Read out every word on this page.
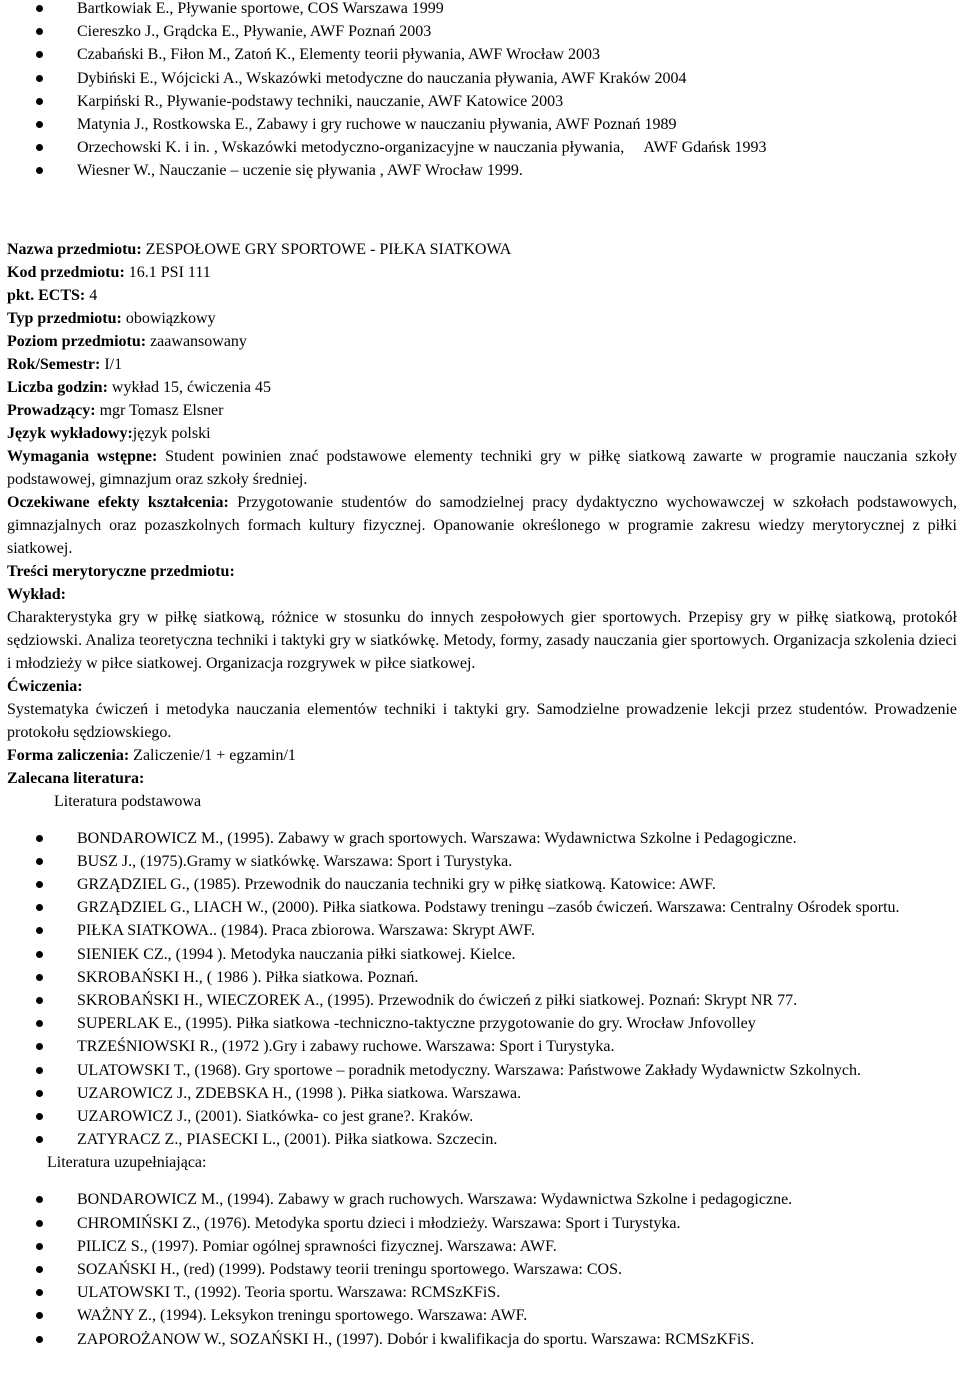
Bartkowiak E., Pływanie sportowe, COS Warszawa 1999
Ciereszko J., Grądcka E., Pływanie, AWF Poznań 2003
Czabański B., Fiłon M., Zatoń K., Elementy teorii pływania, AWF Wrocław 2003
Dybiński E., Wójcicki A., Wskazówki metodyczne do nauczania pływania, AWF Kraków 2004
Karpiński R., Pływanie-podstawy techniki, nauczanie, AWF Katowice 2003
Matynia J., Rostkowska E., Zabawy i gry ruchowe w nauczaniu pływania, AWF Poznań 1989
Orzechowski K. i in. , Wskazówki metodyczno-organizacyjne w nauczania pływania,     AWF Gdańsk 1993
Wiesner W., Nauczanie – uczenie się pływania , AWF Wrocław 1999.
Nazwa przedmiotu: ZESPOŁOWE GRY SPORTOWE - PIŁKA SIATKOWA
Kod przedmiotu: 16.1 PSI 111
pkt. ECTS: 4
Typ przedmiotu: obowiązkowy
Poziom przedmiotu: zaawansowany
Rok/Semestr: I/1
Liczba godzin: wykład 15, ćwiczenia 45
Prowadzący: mgr Tomasz Elsner
Język wykładowy:język polski
Wymagania wstępne: Student powinien znać podstawowe elementy techniki gry w piłkę siatkową zawarte w programie nauczania szkoły podstawowej, gimnazjum oraz szkoły średniej.
Oczekiwane efekty kształcenia: Przygotowanie studentów do samodzielnej pracy dydaktyczno wychowawczej w szkołach podstawowych, gimnazjalnych oraz pozaszkolnych formach kultury fizycznej. Opanowanie określonego w programie zakresu wiedzy merytorycznej z piłki siatkowej.
Treści merytoryczne przedmiotu:
Wykład:
Charakterystyka gry w piłkę siatkową, różnice w stosunku do innych zespołowych gier sportowych. Przepisy gry w piłkę siatkową, protokół sędziowski. Analiza teoretyczna techniki i taktyki gry w siatkówkę. Metody, formy, zasady nauczania gier sportowych. Organizacja szkolenia dzieci i młodzieży w piłce siatkowej. Organizacja rozgrywek w piłce siatkowej.
Ćwiczenia:
Systematyka ćwiczeń i metodyka nauczania elementów techniki i taktyki gry. Samodzielne prowadzenie lekcji przez studentów. Prowadzenie protokołu sędziowskiego.
Forma zaliczenia: Zaliczenie/1 + egzamin/1
Zalecana literatura:
Literatura podstawowa
BONDAROWICZ M., (1995). Zabawy w grach sportowych. Warszawa: Wydawnictwa Szkolne i Pedagogiczne.
BUSZ J., (1975).Gramy w siatkówkę. Warszawa: Sport i Turystyka.
GRZĄDZIEL G., (1985). Przewodnik do nauczania techniki gry w piłkę siatkową. Katowice: AWF.
GRZĄDZIEL G., LIACH W., (2000). Piłka siatkowa. Podstawy treningu –zasób ćwiczeń. Warszawa: Centralny Ośrodek sportu.
PIŁKA SIATKOWA.. (1984). Praca zbiorowa. Warszawa: Skrypt AWF.
SIENIEK CZ., (1994 ). Metodyka nauczania piłki siatkowej. Kielce.
SKROBAŃSKI H., ( 1986 ). Piłka siatkowa. Poznań.
SKROBAŃSKI H., WIECZOREK A., (1995). Przewodnik do ćwiczeń z piłki siatkowej. Poznań: Skrypt NR 77.
SUPERLAK E., (1995). Piłka siatkowa -techniczno-taktyczne przygotowanie do gry. Wrocław Jnfovolley
TRZEŚNIOWSKI R., (1972 ).Gry i zabawy ruchowe. Warszawa: Sport i Turystyka.
ULATOWSKI T., (1968). Gry sportowe – poradnik metodyczny. Warszawa: Państwowe Zakłady Wydawnictw Szkolnych.
UZAROWICZ J., ZDEBSKA H., (1998 ). Piłka siatkowa. Warszawa.
UZAROWICZ J., (2001). Siatkówka- co jest grane?. Kraków.
ZATYRACZ Z., PIASECKI L., (2001). Piłka siatkowa. Szczecin.
Literatura uzupełniająca:
BONDAROWICZ M., (1994). Zabawy w grach ruchowych. Warszawa: Wydawnictwa Szkolne i pedagogiczne.
CHROMIŃSKI Z., (1976). Metodyka sportu dzieci i młodzieży. Warszawa: Sport i Turystyka.
PILICZ S., (1997). Pomiar ogólnej sprawności fizycznej. Warszawa: AWF.
SOZAŃSKI H., (red) (1999). Podstawy teorii treningu sportowego. Warszawa: COS.
ULATOWSKI T., (1992). Teoria sportu. Warszawa: RCMSzKFiS.
WAŻNY Z., (1994). Leksykon treningu sportowego. Warszawa: AWF.
ZAPOROŻANOW W., SOZAŃSKI H., (1997). Dobór i kwalifikacja do sportu. Warszawa: RCMSzKFiS.
